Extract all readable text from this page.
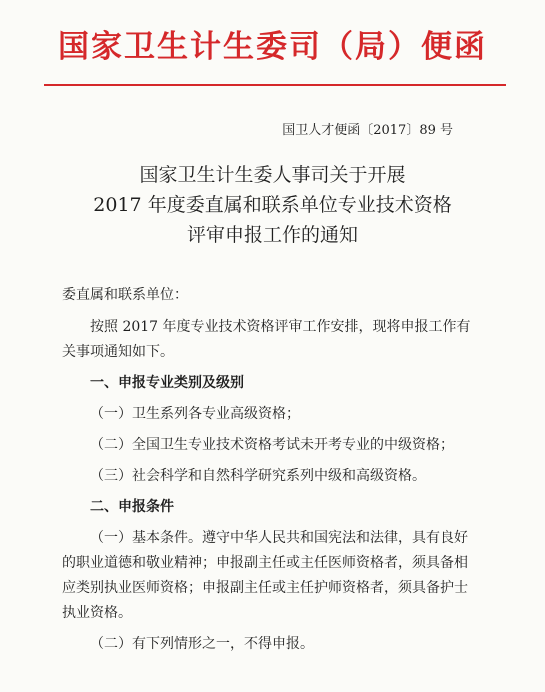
国家卫生计生委司（局）便函
国卫人才便函〔2017〕89 号
国家卫生计生委人事司关于开展
2017 年度委直属和联系单位专业技术资格
评审申报工作的通知
委直属和联系单位：

按照 2017 年度专业技术资格评审工作安排，现将申报工作有关事项通知如下。

一、申报专业类别及级别

（一）卫生系列各专业高级资格；

（二）全国卫生专业技术资格考试未开考专业的中级资格；

（三）社会科学和自然科学研究系列中级和高级资格。

二、申报条件

（一）基本条件。遵守中华人民共和国宪法和法律，具有良好的职业道德和敬业精神；申报副主任或主任医师资格者，须具备相应类别执业医师资格；申报副主任或主任护师资格者，须具备护士执业资格。

（二）有下列情形之一，不得申报。
